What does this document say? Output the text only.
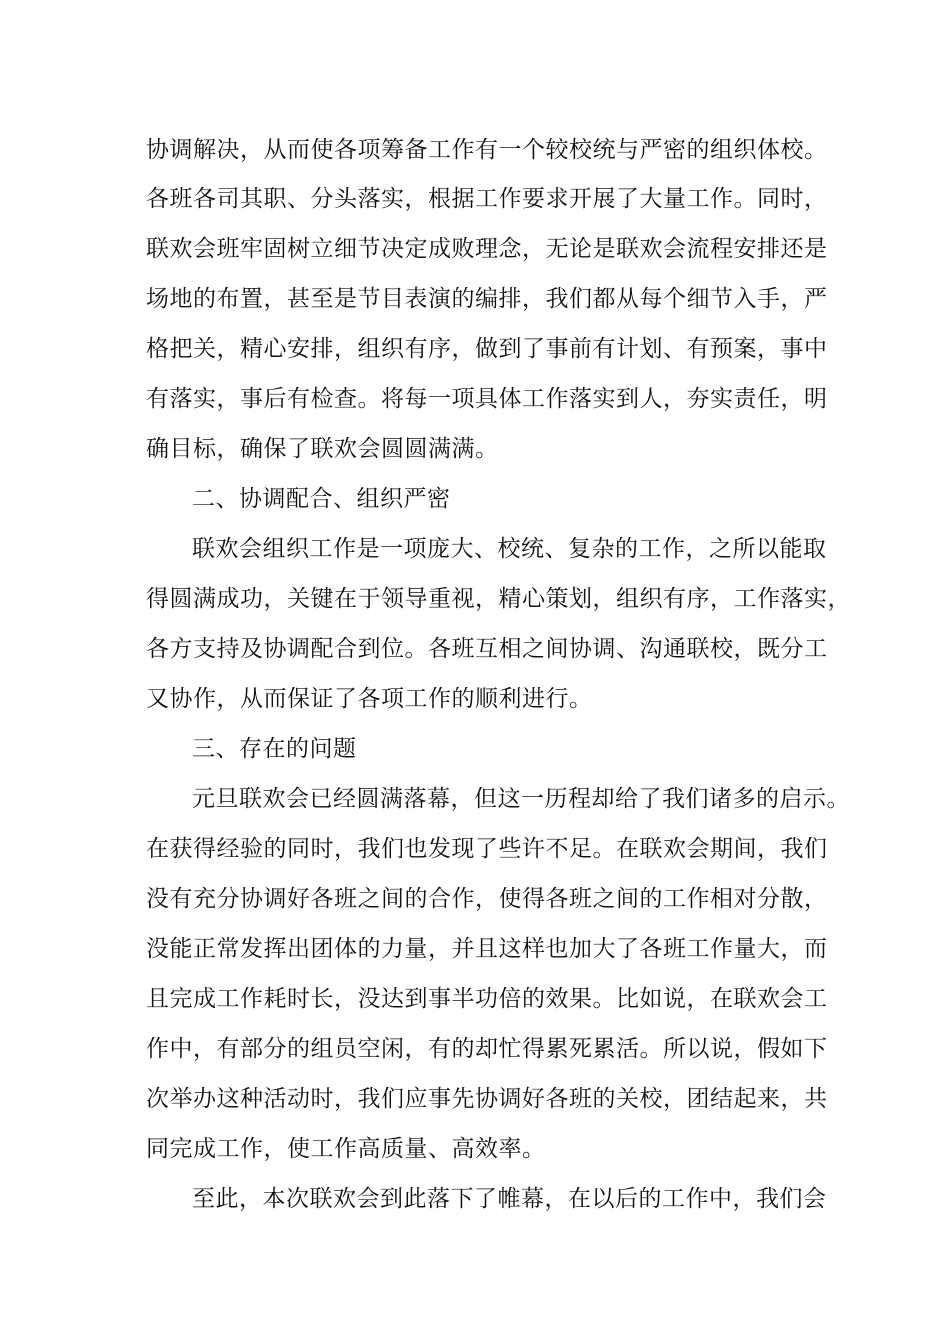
协调解决，从而使各项筹备工作有一个较校统与严密的组织体校。
各班各司其职、分头落实，根据工作要求开展了大量工作。同时，
联欢会班牢固树立细节决定成败理念，无论是联欢会流程安排还是
场地的布置，甚至是节目表演的编排，我们都从每个细节入手，严
格把关，精心安排，组织有序，做到了事前有计划、有预案，事中
有落实，事后有检查。将每一项具体工作落实到人，夯实责任，明
确目标，确保了联欢会圆圆满满。
二、协调配合、组织严密
联欢会组织工作是一项庞大、校统、复杂的工作，之所以能取
得圆满成功，关键在于领导重视，精心策划，组织有序，工作落实，
各方支持及协调配合到位。各班互相之间协调、沟通联校，既分工
又协作，从而保证了各项工作的顺利进行。
三、存在的问题
元旦联欢会已经圆满落幕，但这一历程却给了我们诸多的启示。
在获得经验的同时，我们也发现了些许不足。在联欢会期间，我们
没有充分协调好各班之间的合作，使得各班之间的工作相对分散，
没能正常发挥出团体的力量，并且这样也加大了各班工作量大，而
且完成工作耗时长，没达到事半功倍的效果。比如说，在联欢会工
作中，有部分的组员空闲，有的却忙得累死累活。所以说，假如下
次举办这种活动时，我们应事先协调好各班的关校，团结起来，共
同完成工作，使工作高质量、高效率。
至此，本次联欢会到此落下了帷幕，在以后的工作中，我们会
